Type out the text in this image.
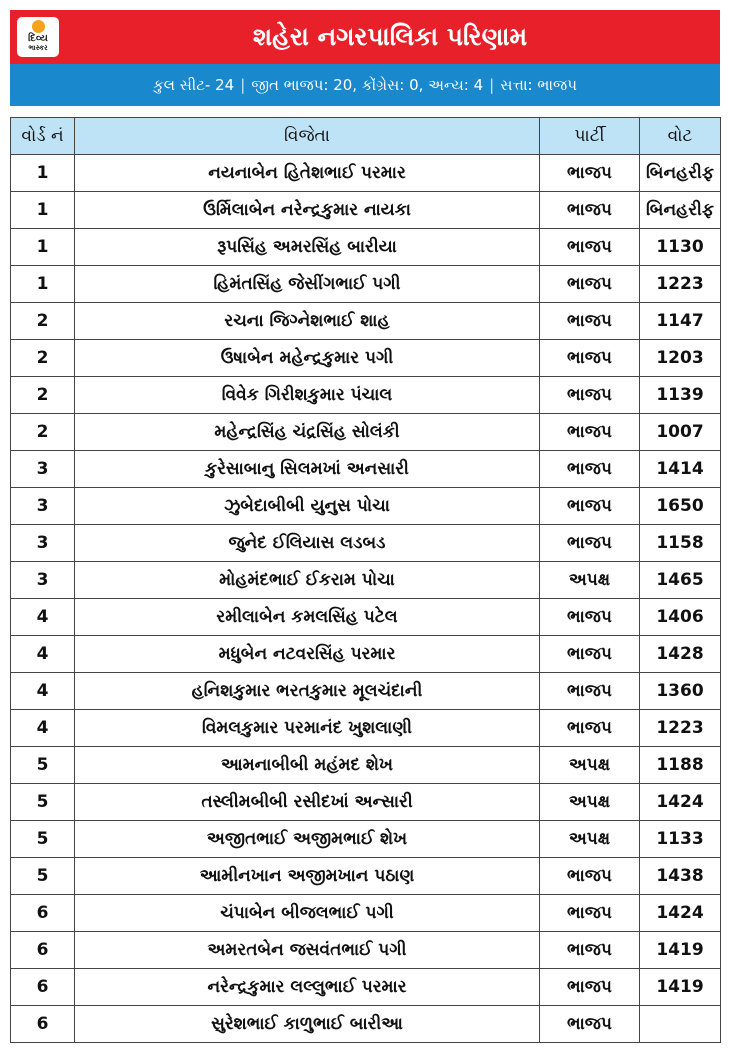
દિવ્ય
ભાસ્કર	શહેરા નગરપાલિકા પરિણામ
કુલ સીટ- 24 | જીત ભાજપ: 20, કોંગ્રેસ: 0, અન્ય: 4 | સત્તા: ભાજપ
વોર્ડ નં	વિજેતા	પાર્ટી	વોટ
1	નયનાબેન હિતેશભાઈ પરમાર	ભાજપ	બિનહરીફ
1	ઉર્મિલાબેન નરેન્દ્રકુમાર નાયકા	ભાજપ	બિનહરીફ
1	રૂપસિંહ અમરસિંહ બારીયા	ભાજપ	1130
1	હિમંતસિંહ જેસીંગભાઈ પગી	ભાજપ	1223
2	રચના જિગ્નેશભાઈ શાહ	ભાજપ	1147
2	ઉષાબેન મહેન્દ્રકુમાર પગી	ભાજપ	1203
2	વિવેક ગિરીશકુમાર પંચાલ	ભાજપ	1139
2	મહેન્દ્રસિંહ ચંદ્રસિંહ સોલંકી	ભાજપ	1007
3	કુરેસાબાનુ સિલમખાં અનસારી	ભાજપ	1414
3	ઝુબેદાબીબી યુનુસ પોચા	ભાજપ	1650
3	જુનેદ ઈલિયાસ લડબડ	ભાજપ	1158
3	મોહમંદભાઈ ઈકરામ પોચા	અપક્ષ	1465
4	રમીલાબેન કમલસિંહ પટેલ	ભાજપ	1406
4	મધુબેન નટવરસિંહ પરમાર	ભાજપ	1428
4	હનિશકુમાર ભરતકુમાર મૂલચંદાની	ભાજપ	1360
4	વિમલકુમાર પરમાનંદ ખુશલાણી	ભાજપ	1223
5	આમનાબીબી મહંમદ શેખ	અપક્ષ	1188
5	તસ્લીમબીબી રસીદખાં અન્સારી	અપક્ષ	1424
5	અજીતભાઈ અજીમભાઈ શેખ	અપક્ષ	1133
5	આમીનખાન અજીમખાન પઠાણ	ભાજપ	1438
6	ચંપાબેન બીજલભાઈ પગી	ભાજપ	1424
6	અમરતબેન જસવંતભાઈ પગી	ભાજપ	1419
6	નરેન્દ્રકુમાર લલ્લુભાઈ પરમાર	ભાજપ	1419
6	સુરેશભાઈ કાળુભાઈ બારીઆ	ભાજપ	
